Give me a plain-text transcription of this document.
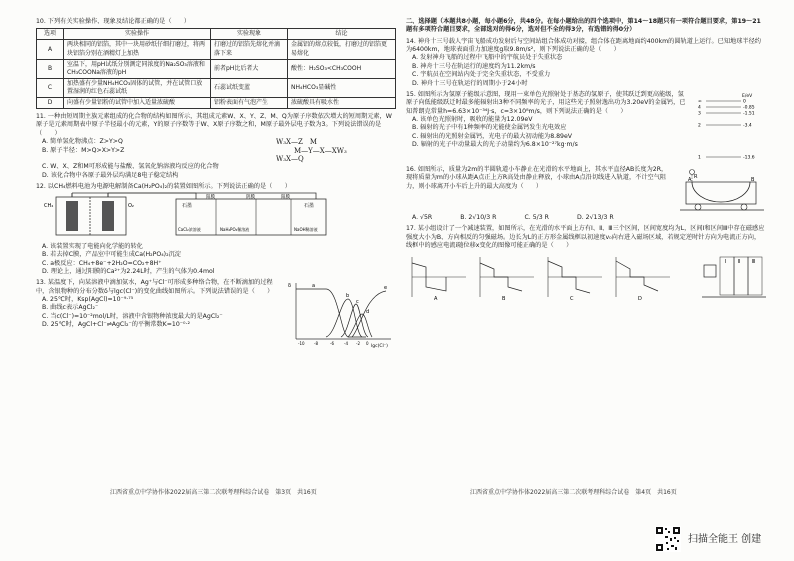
10. 下列有关实验操作、现象及结论都正确的是（　　）
选项	实验操作	实验现象	结论
A	两块相同的铝箔，其中一块用砂纸仔细打磨过，将两块铝箔分别在酒精灯上加热	打磨过的铝箔先熔化并滴落下来	金属铝的熔点较低，打磨过的铝箔更易熔化
B	室温下，用pH试纸分别测定同浓度的Na₂SO₃溶液和CH₃COONa溶液的pH	前者pH比后者大	酸性：H₂SO₃<CH₃COOH
C	加热盛有少量NH₄HCO₃固体的试管，并在试管口放置湿润的红色石蕊试纸	石蕊试纸变蓝	NH₄HCO₃显碱性
D	向盛有少量铝粉的试管中加入适量浓硫酸	铝粉表面有气泡产生	浓硫酸具有吸水性
11. 一种由短周期主族元素组成的化合物的结构如图所示，其组成元素W、X、Y、Z、M、Q为原子序数依次增大的短周期元素，W原子是元素周期表中原子半径最小的元素，Y的原子序数等于W、X原子序数之和，M原子最外层电子数为3。下列说法错误的是（　　）
A. 简单氢化物沸点：Z>Y>Q
B. 原子半径：M>Q>X>Y>Z
W₃X—Z　M
M—Y—X—XW₃
W₃X—Q
C. W、X、Z和M可形成能与盐酸、氢氧化钠溶液均反应的化合物
D. 该化合物中各原子最外层均满足8电子稳定结构
12. 以CH₄燃料电池为电源电解制备Ca(H₂PO₄)₂的装置如图所示。下列说法正确的是（　　）
CH₄	O₂	石墨	石墨
阳膜	阴膜	阳膜
CaCl₂浓溶液	NaH₂PO₄稀溶液	NaOH稀溶液
A. 该装置实现了电能向化学能的转化
B. 若去掉C膜，产品室中可能生成Ca(H₂PO₄)₂沉淀
C. a极反应：CH₄+8e⁻+2H₂O=CO₂+8H⁺
D. 理论上，通过阳膜的Ca²⁺为2.24L时，产生的气体为0.4mol
13. 某温度下，向某溶液中滴加氨水，Ag⁺与Cl⁻可形成多种络合物，在不断滴加的过程中，含银物种的分布分数δ与lgc(Cl⁻)的变化曲线如图所示。下列说法错误的是（　　）
A. 25℃时，Ksp(AgCl)=10⁻⁹·⁷⁵
B. 曲线c表示AgCl₂⁻
C. 当c(Cl⁻)=10⁻²mol/L时，溶液中含银物种浓度最大的是AgCl₂⁻
D. 25℃时，AgCl+Cl⁻⇌AgCl₂⁻的平衡常数K=10⁻⁰·²
δ
lgc(Cl⁻)
-10 -8	-6	-4 -2 0
a
b
c
d
e
江西省重点中学协作体2022届高三第二次联考理科综合试卷　第3页　共16页
二、选择题（本题共8小题，每小题6分，共48分。在每小题给出的四个选项中，第14～18题只有一项符合题目要求，第19～21题有多项符合题目要求，全部选对的得6分，选对但不全的得3分，有选错的得0分）
14. 神舟十三号载人宇宙飞船成功发射后与空间站组合体成功对接，组合体在距离地面约400km的圆轨道上运行。已知地球半径约为6400km，地球表面重力加速度g取9.8m/s²，则下列说法正确的是（　　）
A. 发射神舟飞船的过程中飞船中的宇航员处于失重状态
B. 神舟十三号在轨运行的速度约为11.2km/s
C. 宇航员在空间站内处于完全失重状态，不受重力
D. 神舟十三号在轨运行的周期小于24小时
15. 如图所示为氢原子能级示意图，现用一束单色光照射处于基态的氢原子，使其跃迁到更高能级，氢原子向低能级跃迁时最多能辐射出3种不同频率的光子，用这些光子照射逸出功为3.20eV的金属钙，已知普朗克常量h=6.63×10⁻³⁴J·s，c=3×10⁸m/s，则下列说法正确的是（　　）
A. 该单色光照射时，吸收的能量为12.09eV
B. 辐射的光子中有1种频率的光能使金属钙发生光电效应
C. 辐射出的光照射金属钙，光电子的最大初动能为8.89eV
D. 辐射的光子中动量最大的光子动量约为6.8×10⁻²⁷kg·m/s
E/eV
∞
4
3
2
1
0
-0.85
-1.51
-3.4
-13.6
16. 如图所示，质量为2m的半圆轨道小车静止在光滑的水平地面上，其水平直径AB长度为2R，现将质量为m的小球从距A点正上方R高处由静止释放，小球由A点沿切线进入轨道，不计空气阻力，则小球离开小车后上升的最大高度为（　　）
A	B
R
A. √5R	B. 2√10/3 R	C. 5/3 R	D. 2√13/3 R
17. 某小组设计了一个减速装置，如图所示，在光滑的水平面上方有Ⅰ、Ⅱ、Ⅲ三个区间，区间宽度均为L，区间Ⅰ和区间Ⅲ中存在磁感应强度大小为B、方向相反的匀强磁场。边长为L的正方形金属线框以初速度v₀向右进入磁场区域，若规定逆时针方向为电流正方向，线框中的感应电流i随位移x变化的图像可能正确的是（　　）
A	B	C	D
Ⅰ Ⅱ Ⅲ
江西省重点中学协作体2022届高三第二次联考理科综合试卷　第4页　共16页
扫描全能王 创建
